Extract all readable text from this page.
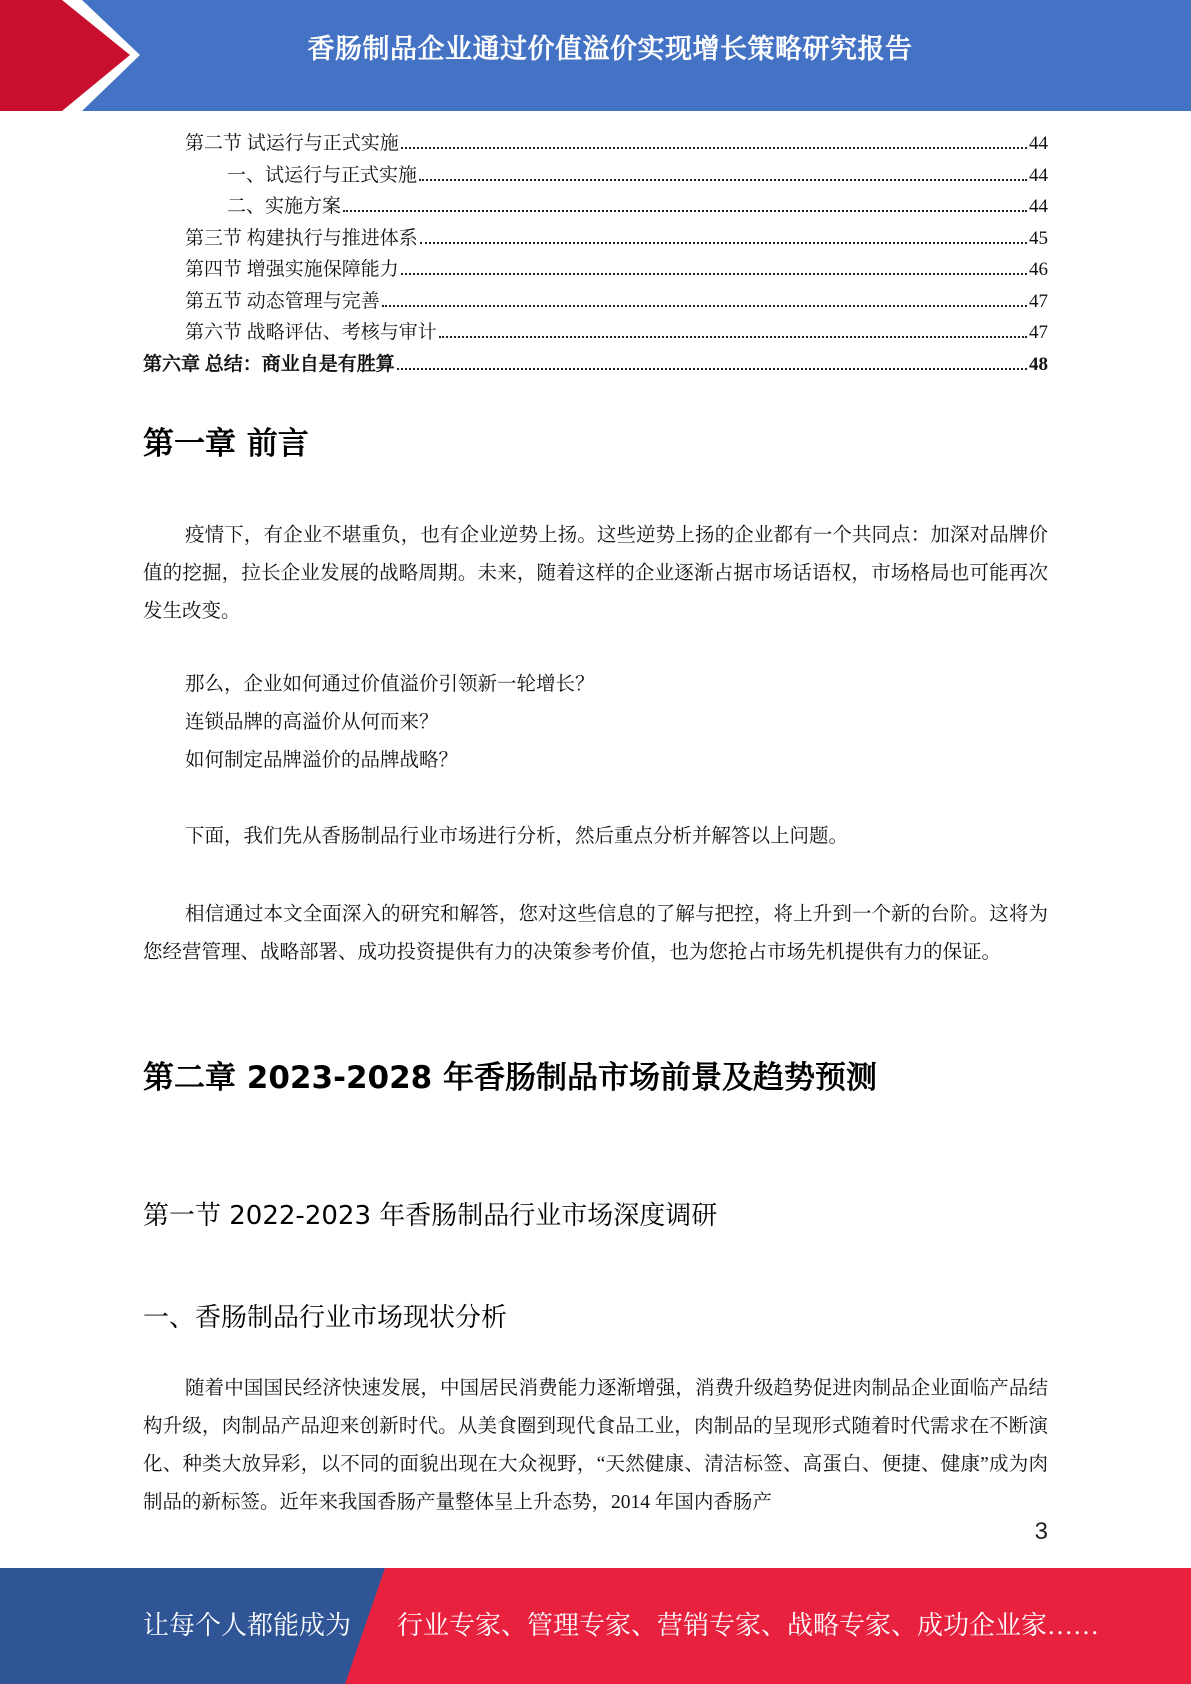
香肠制品企业通过价值溢价实现增长策略研究报告
第二节 试运行与正式实施	44
一、试运行与正式实施	44
二、实施方案	44
第三节 构建执行与推进体系	45
第四节 增强实施保障能力	46
第五节 动态管理与完善	47
第六节 战略评估、考核与审计	47
第六章 总结：商业自是有胜算	48
第一章 前言
疫情下，有企业不堪重负，也有企业逆势上扬。这些逆势上扬的企业都有一个共同点：加深对品牌价值的挖掘，拉长企业发展的战略周期。未来，随着这样的企业逐渐占据市场话语权，市场格局也可能再次发生改变。
那么，企业如何通过价值溢价引领新一轮增长？
连锁品牌的高溢价从何而来？
如何制定品牌溢价的品牌战略？
下面，我们先从香肠制品行业市场进行分析，然后重点分析并解答以上问题。
相信通过本文全面深入的研究和解答，您对这些信息的了解与把控，将上升到一个新的台阶。这将为您经营管理、战略部署、成功投资提供有力的决策参考价值，也为您抢占市场先机提供有力的保证。
第二章 2023-2028 年香肠制品市场前景及趋势预测
第一节 2022-2023 年香肠制品行业市场深度调研
一、香肠制品行业市场现状分析
随着中国国民经济快速发展，中国居民消费能力逐渐增强，消费升级趋势促进肉制品企业面临产品结构升级，肉制品产品迎来创新时代。从美食圈到现代食品工业，肉制品的呈现形式随着时代需求在不断演化、种类大放异彩，以不同的面貌出现在大众视野，“天然健康、清洁标签、高蛋白、便捷、健康”成为肉制品的新标签。近年来我国香肠产量整体呈上升态势，2014 年国内香肠产
3
让每个人都能成为 行业专家、管理专家、营销专家、战略专家、成功企业家……
